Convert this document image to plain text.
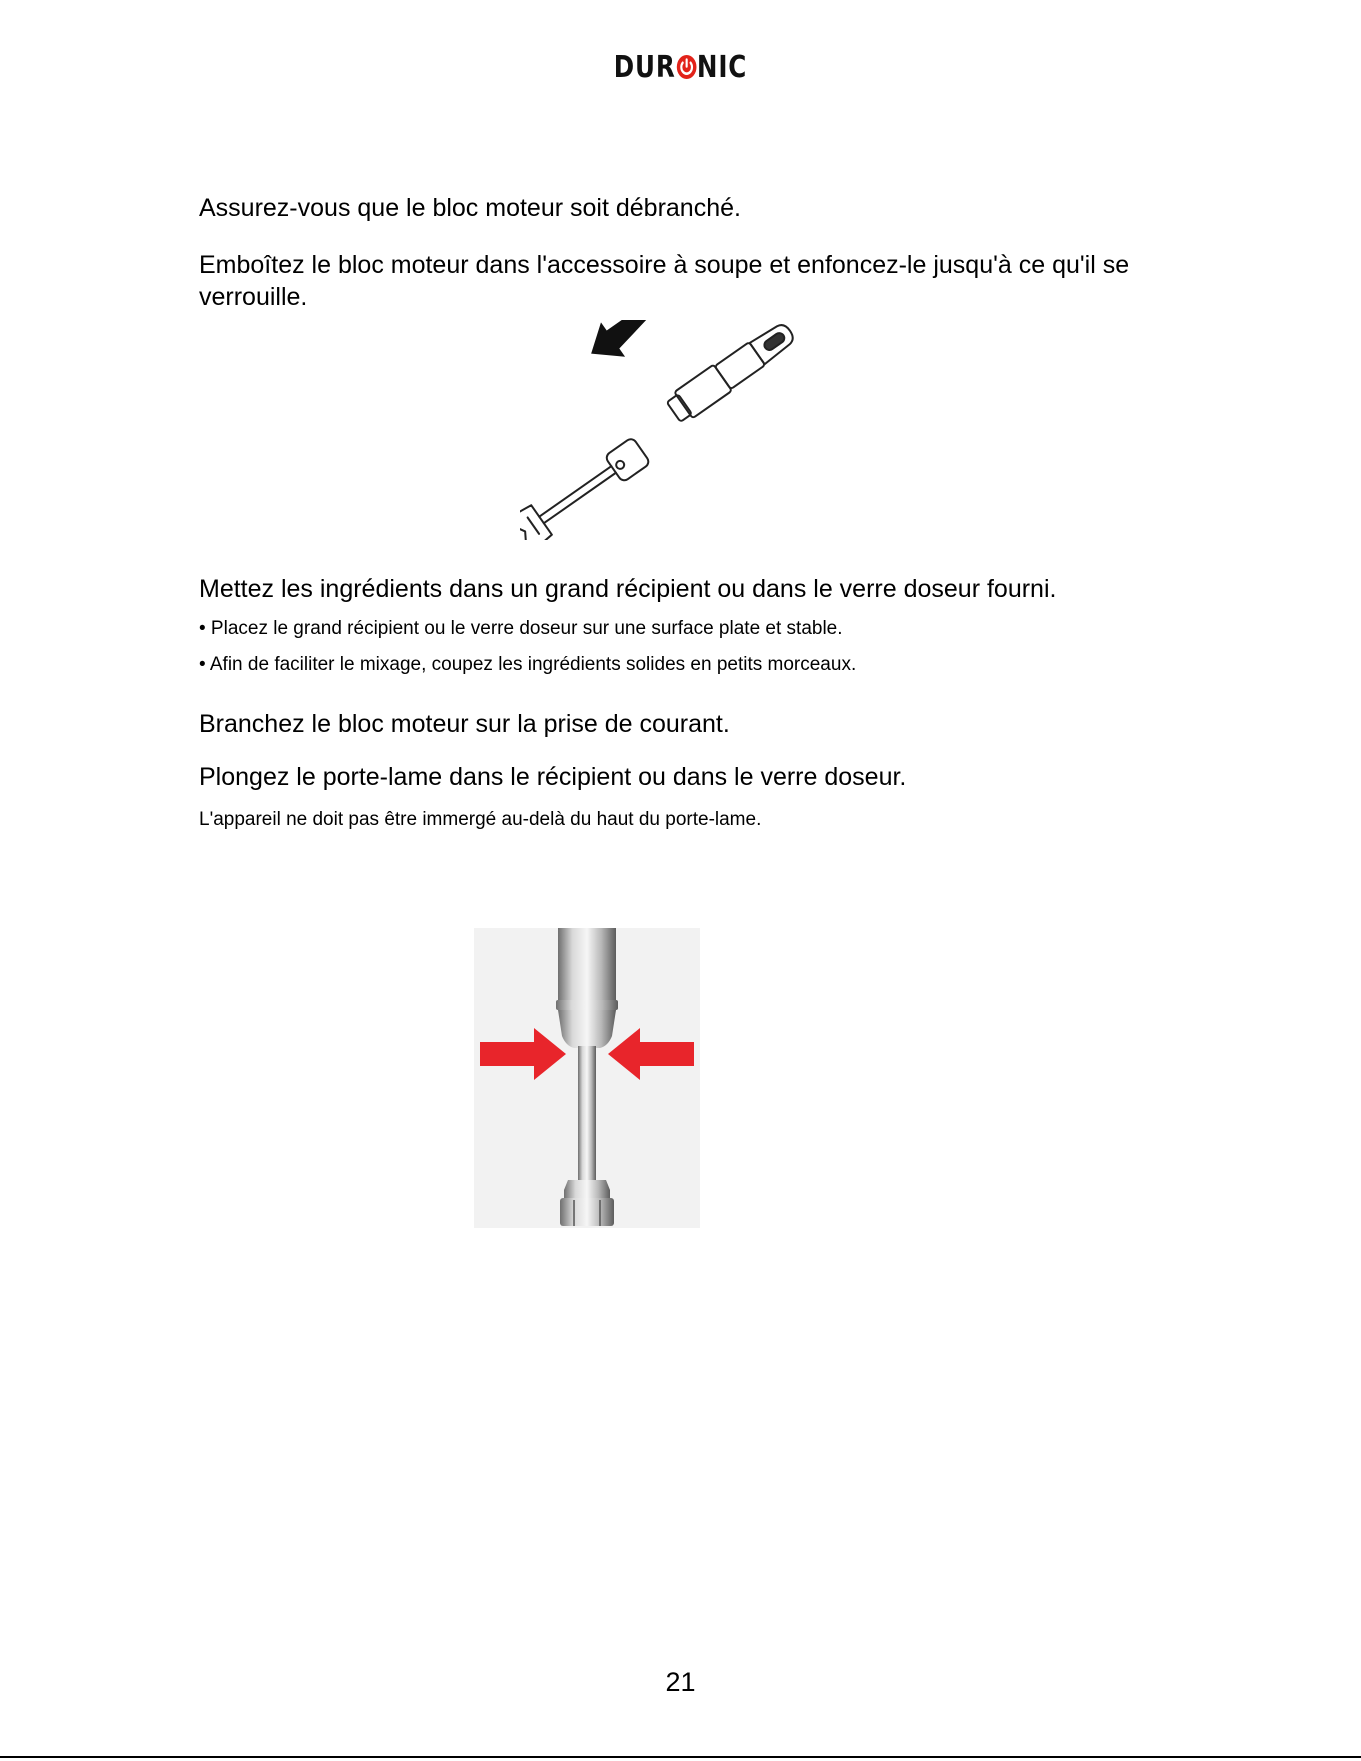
DUR NIC

Assurez-vous que le bloc moteur soit débranché.

Emboîtez le bloc moteur dans l'accessoire à soupe et enfoncez-le jusqu'à ce qu'il se

verrouille.

Mettez les ingrédients dans un grand récipient ou dans le verre doseur fourni.

• Placez le grand récipient ou le verre doseur sur une surface plate et stable.

• Afin de faciliter le mixage, coupez les ingrédients solides en petits morceaux.

Branchez le bloc moteur sur la prise de courant.

Plongez le porte-lame dans le récipient ou dans le verre doseur.

L'appareil ne doit pas être immergé au-delà du haut du porte-lame.

21
